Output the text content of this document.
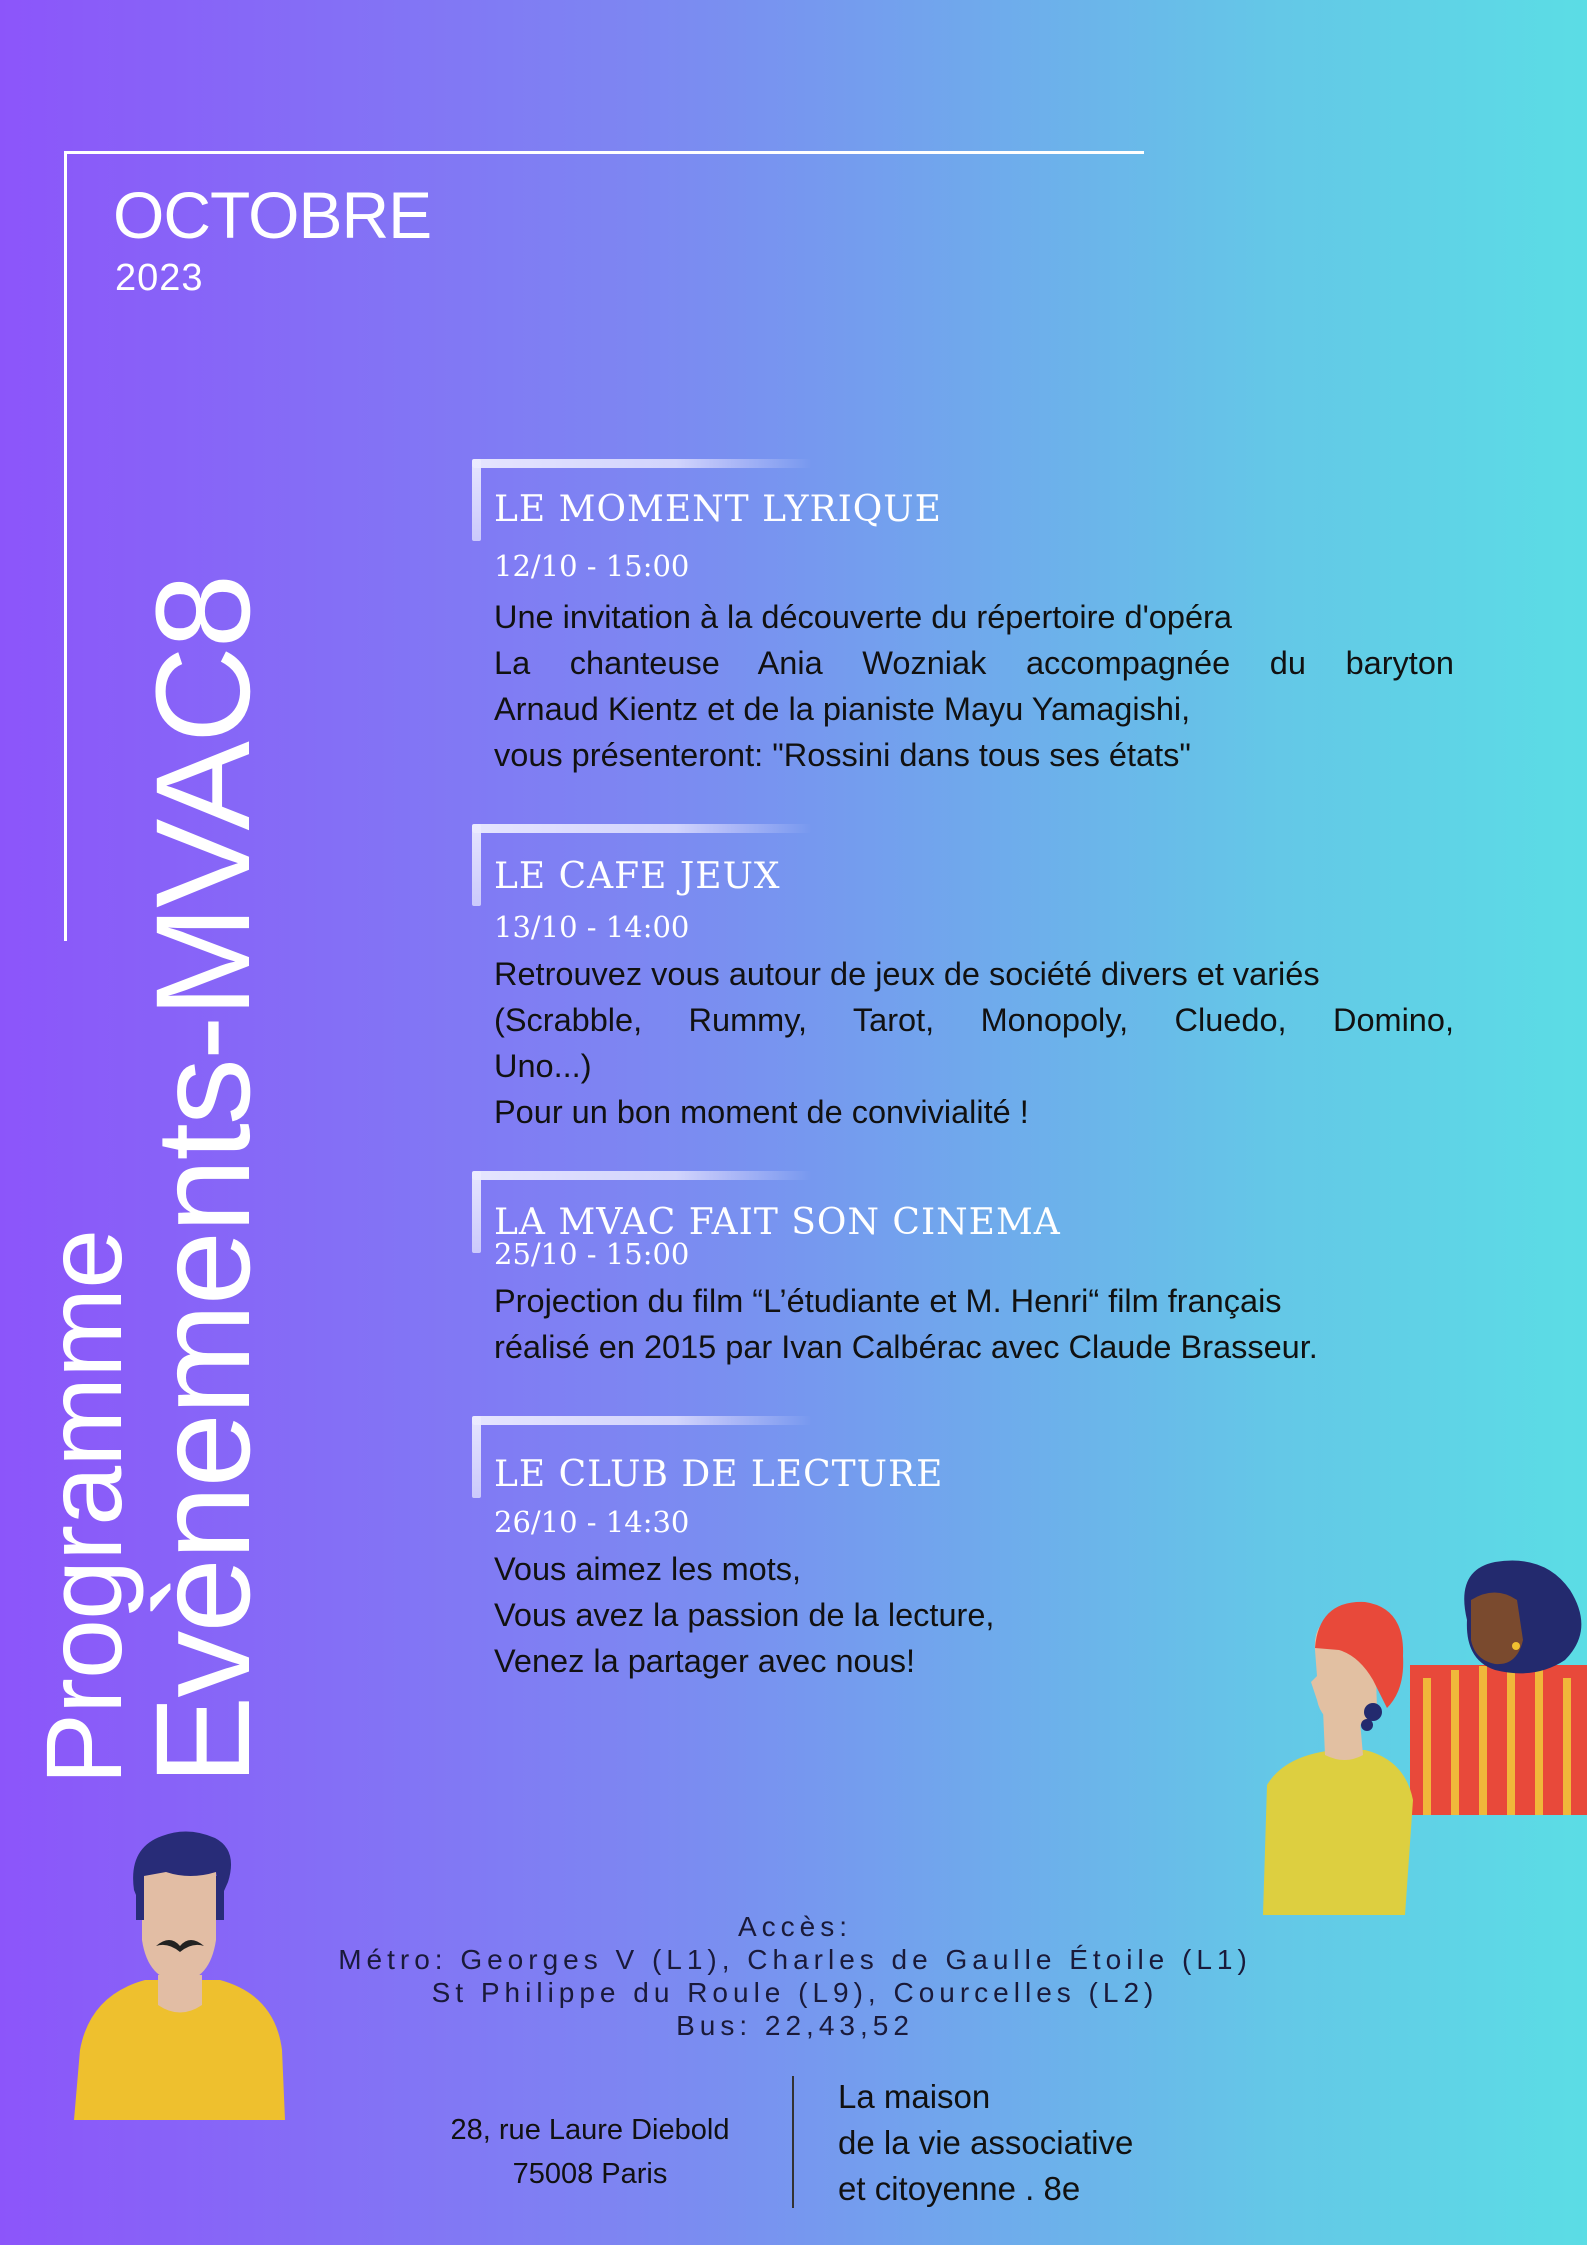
OCTOBRE
2023
Programme
Evènements-MVAC8
LE MOMENT LYRIQUE
12/10 - 15:00
Une invitation à la découverte du répertoire d'opéra
La chanteuse Ania Wozniak accompagnée du baryton
Arnaud Kientz et de la pianiste Mayu Yamagishi,
vous présenteront: "Rossini dans tous ses états"
LE CAFE JEUX
13/10 - 14:00
Retrouvez vous autour de jeux de société divers et variés
(Scrabble, Rummy, Tarot, Monopoly, Cluedo, Domino,
Uno...)
Pour un bon moment de convivialité !
LA MVAC FAIT SON CINEMA
25/10 - 15:00
Projection du film “L’étudiante et M. Henri“ film français
réalisé en 2015 par Ivan Calbérac avec Claude Brasseur.
LE CLUB DE LECTURE
26/10 - 14:30
Vous aimez les mots,
Vous avez la passion de la lecture,
Venez la partager avec nous!
Accès:
Métro: Georges V (L1), Charles de Gaulle Étoile (L1)
St Philippe du Roule (L9), Courcelles (L2)
Bus: 22,43,52
28, rue Laure Diebold
75008 Paris
La maison
de la vie associative
et citoyenne . 8e
